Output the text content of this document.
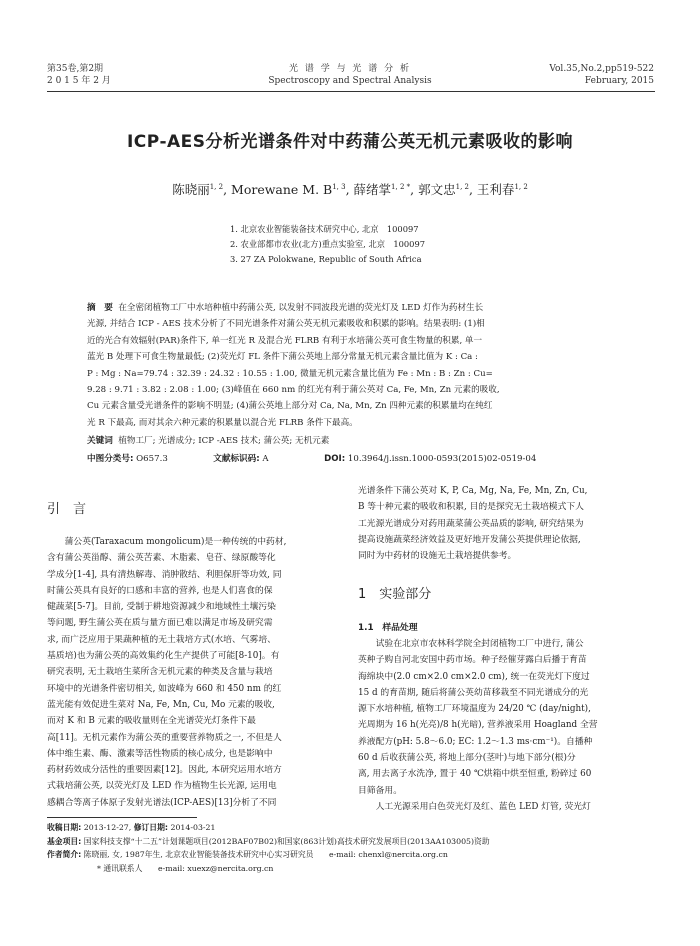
第35卷,第2期
2 0 1 5 年 2 月
光 谱 学 与 光 谱 分 析
Spectroscopy and Spectral Analysis
Vol.35,No.2,pp519-522
February, 2015
ICP-AES分析光谱条件对中药蒲公英无机元素吸收的影响
陈晓丽$^{1, 2}$, Morewane M. B$^{1, 3}$, 薛绪掌$^{1, 2 *}$, 郭文忠$^{1, 2}$, 王利春$^{1, 2}$
1. 北京农业智能装备技术研究中心, 北京　100097
2. 农业部都市农业(北方)重点实验室, 北京　100097
3. 27 ZA Polokwane, Republic of South Africa
摘　要 在全密闭植物工厂中水培种植中药蒲公英, 以发射不同波段光谱的荧光灯及 LED 灯作为药材生长
光源, 并结合 ICP - AES 技术分析了不同光谱条件对蒲公英无机元素吸收和积累的影响。结果表明: (1)相
近的光合有效辐射(PAR)条件下, 单一红光 R 及混合光 FLRB 有利于水培蒲公英可食生物量的积累, 单一
蓝光 B 处理下可食生物量最低; (2)荧光灯 FL 条件下蒲公英地上部分常量无机元素含量比值为 K : Ca :
P : Mg : Na=79.74 : 32.39 : 24.32 : 10.55 : 1.00, 微量无机元素含量比值为 Fe : Mn : B : Zn : Cu=
9.28 : 9.71 : 3.82 : 2.08 : 1.00; (3)峰值在 660 nm 的红光有利于蒲公英对 Ca, Fe, Mn, Zn 元素的吸收,
Cu 元素含量受光谱条件的影响不明显; (4)蒲公英地上部分对 Ca, Na, Mn, Zn 四种元素的积累量均在纯红
光 R 下最高, 而对其余六种元素的积累量以混合光 FLRB 条件下最高。
关键词 植物工厂; 光谱成分; ICP -AES 技术; 蒲公英; 无机元素
中图分类号: O657.3	文献标识码: A	DOI: 10.3964/j.issn.1000-0593(2015)02-0519-04
引　言

蒲公英(Taraxacum mongolicum)是一种传统的中药材,

含有蒲公英甾醇、蒲公英苦素、木脂素、皂苷、绿原酸等化
学成分[1-4], 具有清热解毒、消肿散结、利胆保肝等功效, 同
时蒲公英具有良好的口感和丰富的营养, 也是人们喜食的保
健蔬菜[5-7]。目前, 受制于耕地资源减少和地域性土壤污染
等问题, 野生蒲公英在质与量方面已难以满足市场及研究需
求, 而广泛应用于果蔬种植的无土栽培方式(水培、气雾培、
基质培)也为蒲公英的高效集约化生产提供了可能[8-10]。有
研究表明, 无土栽培生菜所含无机元素的种类及含量与栽培
环境中的光谱条件密切相关, 如波峰为 660 和 450 nm 的红
蓝光能有效促进生菜对 Na, Fe, Mn, Cu, Mo 元素的吸收,
而对 K 和 B 元素的吸收量则在全光谱荧光灯条件下最
高[11]。无机元素作为蒲公英的重要营养物质之一, 不但是人
体中维生素、酶、激素等活性物质的核心成分, 也是影响中
药材药效成分活性的重要因素[12]。因此, 本研究运用水培方
式栽培蒲公英, 以荧光灯及 LED 作为植物生长光源, 运用电
感耦合等离子体原子发射光谱法(ICP-AES)[13]分析了不同
光谱条件下蒲公英对 K, P, Ca, Mg, Na, Fe, Mn, Zn, Cu,
B 等十种元素的吸收和积累, 目的是探究无土栽培模式下人
工光源光谱成分对药用蔬菜蒲公英品质的影响, 研究结果为
提高设施蔬菜经济效益及更好地开发蒲公英提供理论依据,
同时为中药材的设施无土栽培提供参考。
1　实验部分
1.1　样品处理

试验在北京市农林科学院全封闭植物工厂中进行, 蒲公

英种子购自河北安国中药市场。种子经催芽露白后播于育苗
海绵块中(2.0 cm×2.0 cm×2.0 cm), 统一在荧光灯下度过
15 d 的育苗期, 随后将蒲公英幼苗移栽至不同光谱成分的光
源下水培种植, 植物工厂环境温度为 24/20 ℃ (day/night),
光周期为 16 h(光亮)/8 h(光暗), 营养液采用 Hoagland 全营
养液配方(pH: 5.8～6.0; EC: 1.2～1.3 ms·cm⁻¹)。自播种
60 d 后收获蒲公英, 将地上部分(茎叶)与地下部分(根)分
离, 用去离子水洗净, 置于 40 ℃烘箱中烘至恒重, 粉碎过 60
目筛备用。

人工光源采用白色荧光灯及红、蓝色 LED 灯管, 荧光灯

收稿日期: 2013-12-27, 修订日期: 2014-03-21
基金项目: 国家科技支撑“十二五”计划课题项目(2012BAF07B02)和国家(863计划)高技术研究发展项目(2013AA103005)资助
作者简介: 陈晓丽, 女, 1987年生, 北京农业智能装备技术研究中心实习研究员　　e-mail: chenxl@nercita.org.cn
* 通讯联系人　　e-mail: xuexz@nercita.org.cn
